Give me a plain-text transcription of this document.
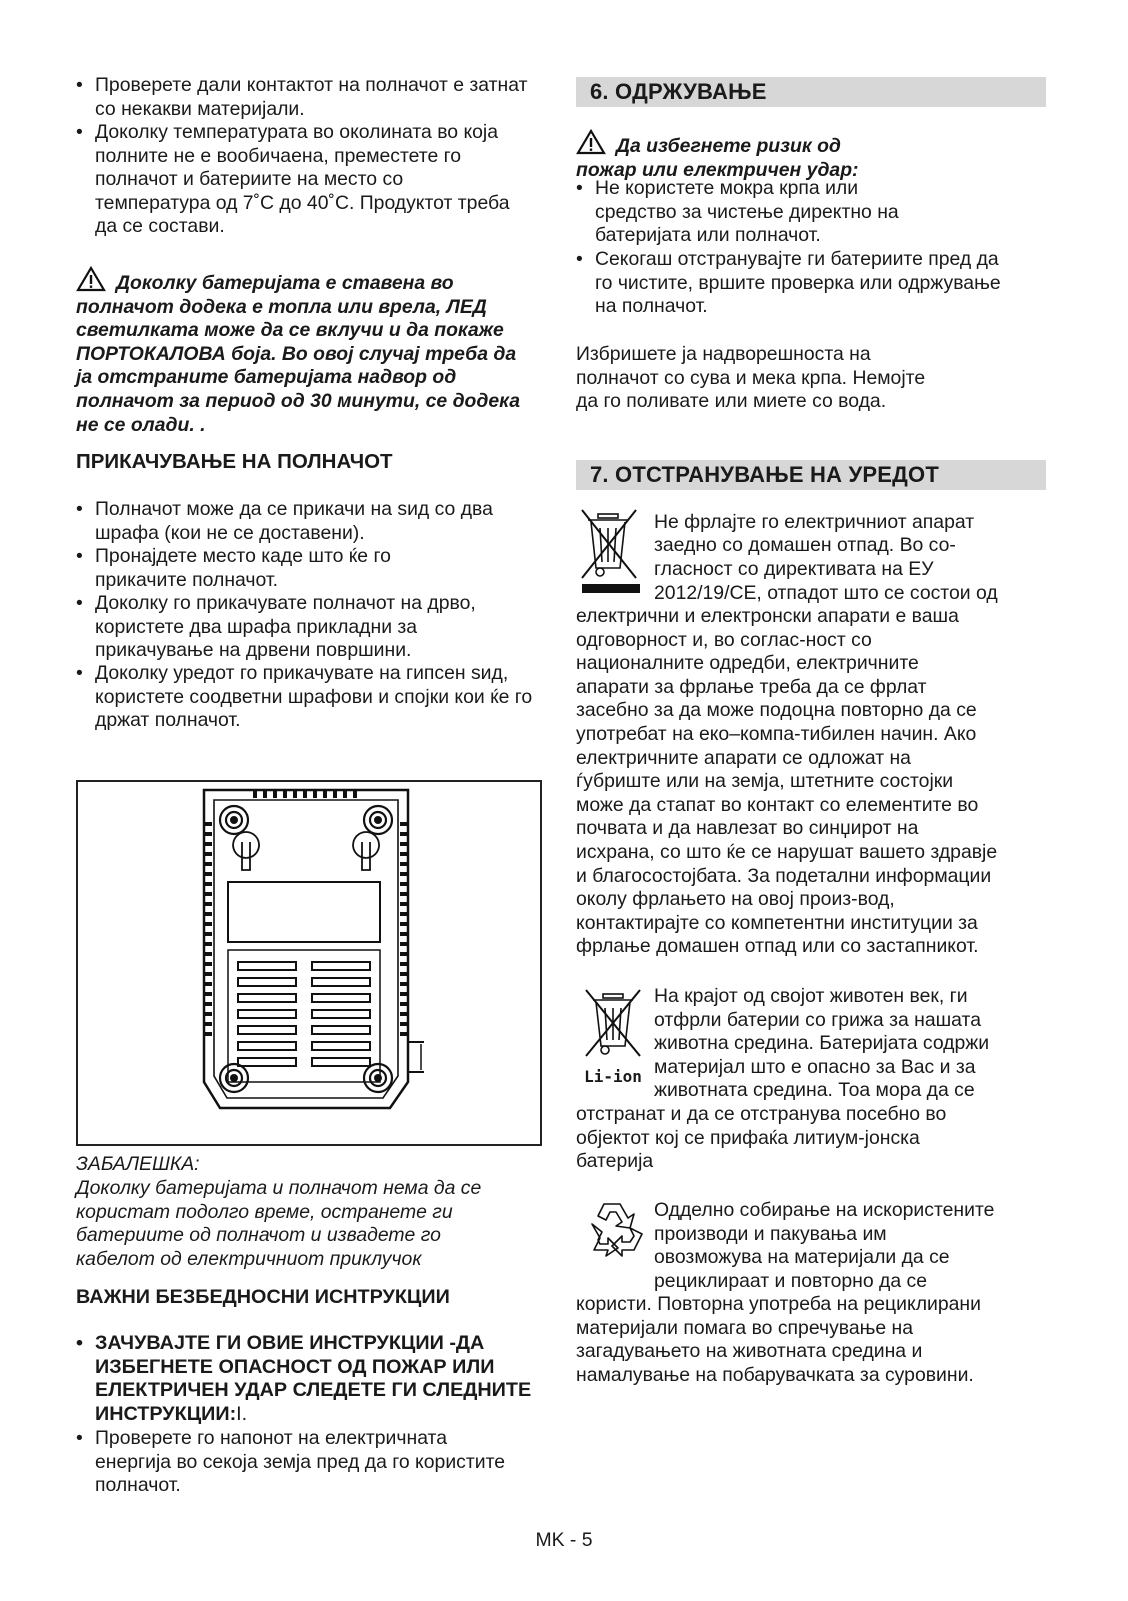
• Проверете дали контактот на полначот е затнат со некакви материјали.
• Доколку температурата во околината во која полните не е вообичаена, преместете го полначот и батериите на место со температура од 7˚C до 40˚C. Продуктот треба да се состави.
Доколку батеријата е ставена во полначот додека е топла или врела, ЛЕД светилката може да се вклучи и да покаже ПОРТОКАЛОВА боја. Во овој случај треба да ја отстраните батеријата надвор од полначот за период од 30 минути, се додека не се олади. .
ПРИКАЧУВАЊЕ НА ПОЛНАЧОТ
• Полначот може да се прикачи на ѕид со два шрафа (кои не се доставени).
• Пронајдете место каде што ќе го прикачите полначот.
• Доколку го прикачувате полначот на дрво, користете два шрафа прикладни за прикачување на дрвени површини.
• Доколку уредот го прикачувате на гипсен ѕид, користете соодветни шрафови и спојки кои ќе го држат полначот.
ЗАБАЛЕШКА:
Доколку батеријата и полначот нема да се користат подолго време, остранете ги батериите од полначот и извадете го кабелот од електричниот приклучок
ВАЖНИ БЕЗБЕДНОСНИ ИСНТРУКЦИИ
• ЗАЧУВАЈТЕ ГИ ОВИЕ ИНСТРУКЦИИ -ДА ИЗБЕГНЕТЕ ОПАСНОСТ ОД ПОЖАР ИЛИ ЕЛЕКТРИЧЕН УДАР СЛЕДЕТЕ ГИ СЛЕДНИТЕ ИНСТРУКЦИИ:I.
• Проверете го напонот на електричната енергија во секоја земја пред да го користите полначот.
6. ОДРЖУВАЊЕ
Да избегнете ризик од пожар или електричен удар:
• Не користете мокра крпа или средство за чистење директно на батеријата или полначот.
• Секогаш отстранувајте ги батериите пред да го чистите, вршите проверка или одржување на полначот.
Избришете ја надворешноста на полначот со сува и мека крпа. Немојте да го поливате или миете со вода.
7. ОТСТРАНУВАЊЕ НА УРЕДОТ
Не фрлајте го електричниот апарат
заедно со домашен отпад. Во со-
гласност со директивата на ЕУ
2012/19/CE, отпадот што се состои од
електрични и електронски апарати е ваша
одговорност и, во соглас-ност со
националните одредби, електричните
апарати за фрлање треба да се фрлат
засебно за да може подоцна повторно да се
употребат на еко–компа-тибилен начин. Ако
електричните апарати се одложат на
ѓубриште или на земја, штетните состојки
може да стапат во контакт со елементите во
почвата и да навлезат во синџирот на
исхрана, со што ќе се нарушат вашето здравје
и благосостојбата. За подетални информации
околу фрлањето на овој произ-вод,
контактирајте со компетентни институции за
фрлање домашен отпад или со застапникот.
Li-ion
На крајот од својот животен век, ги
отфрли батерии со грижа за нашата
животна средина. Батеријата содржи
материјал што е опасно за Вас и за
животната средина. Тоа мора да се
отстранат и да се отстранува посебно во
објектот кој се прифаќа литиум-јонска
батерија
Одделно собирање на искористените
производи и пакувања им
овозможува на материјали да се
рециклираат и повторно да се
користи. Повторна употреба на рециклирани
материјали помага во спречување на
загадувањето на животната средина и
намалување на побарувачката за суровини.
MK - 5
